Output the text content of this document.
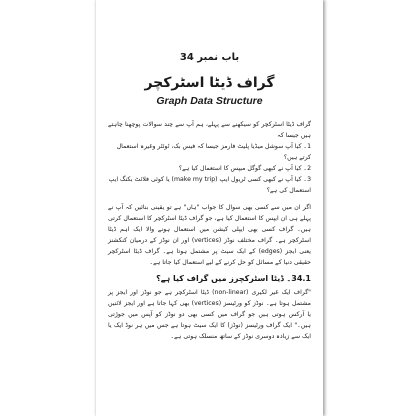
باب نمبر 34
گراف ڈیٹا اسٹرکچر
Graph Data Structure

گراف ڈیٹا اسٹرکچر کو سیکھنے سے پہلے، ہم آپ سے چند سوالات پوچھنا چاہتے ہیں جیسا کہ

1۔ کیا آپ سوشل میڈیا پلیٹ فارمز جیسا کہ فیس بک، ٹوئٹر وغیرہ استعمال کرتے ہیں؟
2۔ کیا آپ نے کبھی گوگل میپس کا استعمال کیا ہے؟
3۔ کیا آپ نے کبھی کسی ٹریول ایپ (make my trip) یا کوئی فلائٹ بکنگ ایپ استعمال کی ہے؟

اگر ان میں سے کسی بھی سوال کا جواب "ہاں" ہے تو یقینی بنائیں کہ آپ نے پہلے ہی ان ایپس کا استعمال کیا ہے، جو گراف ڈیٹا اسٹرکچر کا استعمال کرتی ہیں۔ گراف کسی بھی ایپلی کیشن میں استعمال ہونے والا ایک اہم ڈیٹا اسٹرکچر ہے۔ گراف مختلف نوڈز (vertices) اور ان نوڈز کے درمیان کنکشنز یعنی ایجز (edges) کے ایک سیٹ پر مشتمل ہوتا ہے۔ گراف ڈیٹا اسٹرکچر حقیقی دنیا کے مسائل کو حل کرنے کے لیے استعمال کیا جاتا ہے۔

34.1۔ ڈیٹا اسٹرکچرز میں گراف کیا ہے؟

"گراف ایک غیر لکیری (non-linear) ڈیٹا اسٹرکچر ہے جو نوڈز اور ایجز پر مشتمل ہوتا ہے۔ نوڈز کو ورٹیسز (vertices) بھی کہا جاتا ہے اور ایجز لائنیں یا آرکس ہوتی ہیں جو گراف میں کسی بھی دو نوڈز کو آپس میں جوڑتی ہیں۔" ایک گراف ورٹیسز (نوڈز) کا ایک سیٹ ہوتا ہے جس میں ہر نوڈ ایک یا ایک سے زیادہ دوسری نوڈز کے ساتھ منسلک ہوتی ہے۔
